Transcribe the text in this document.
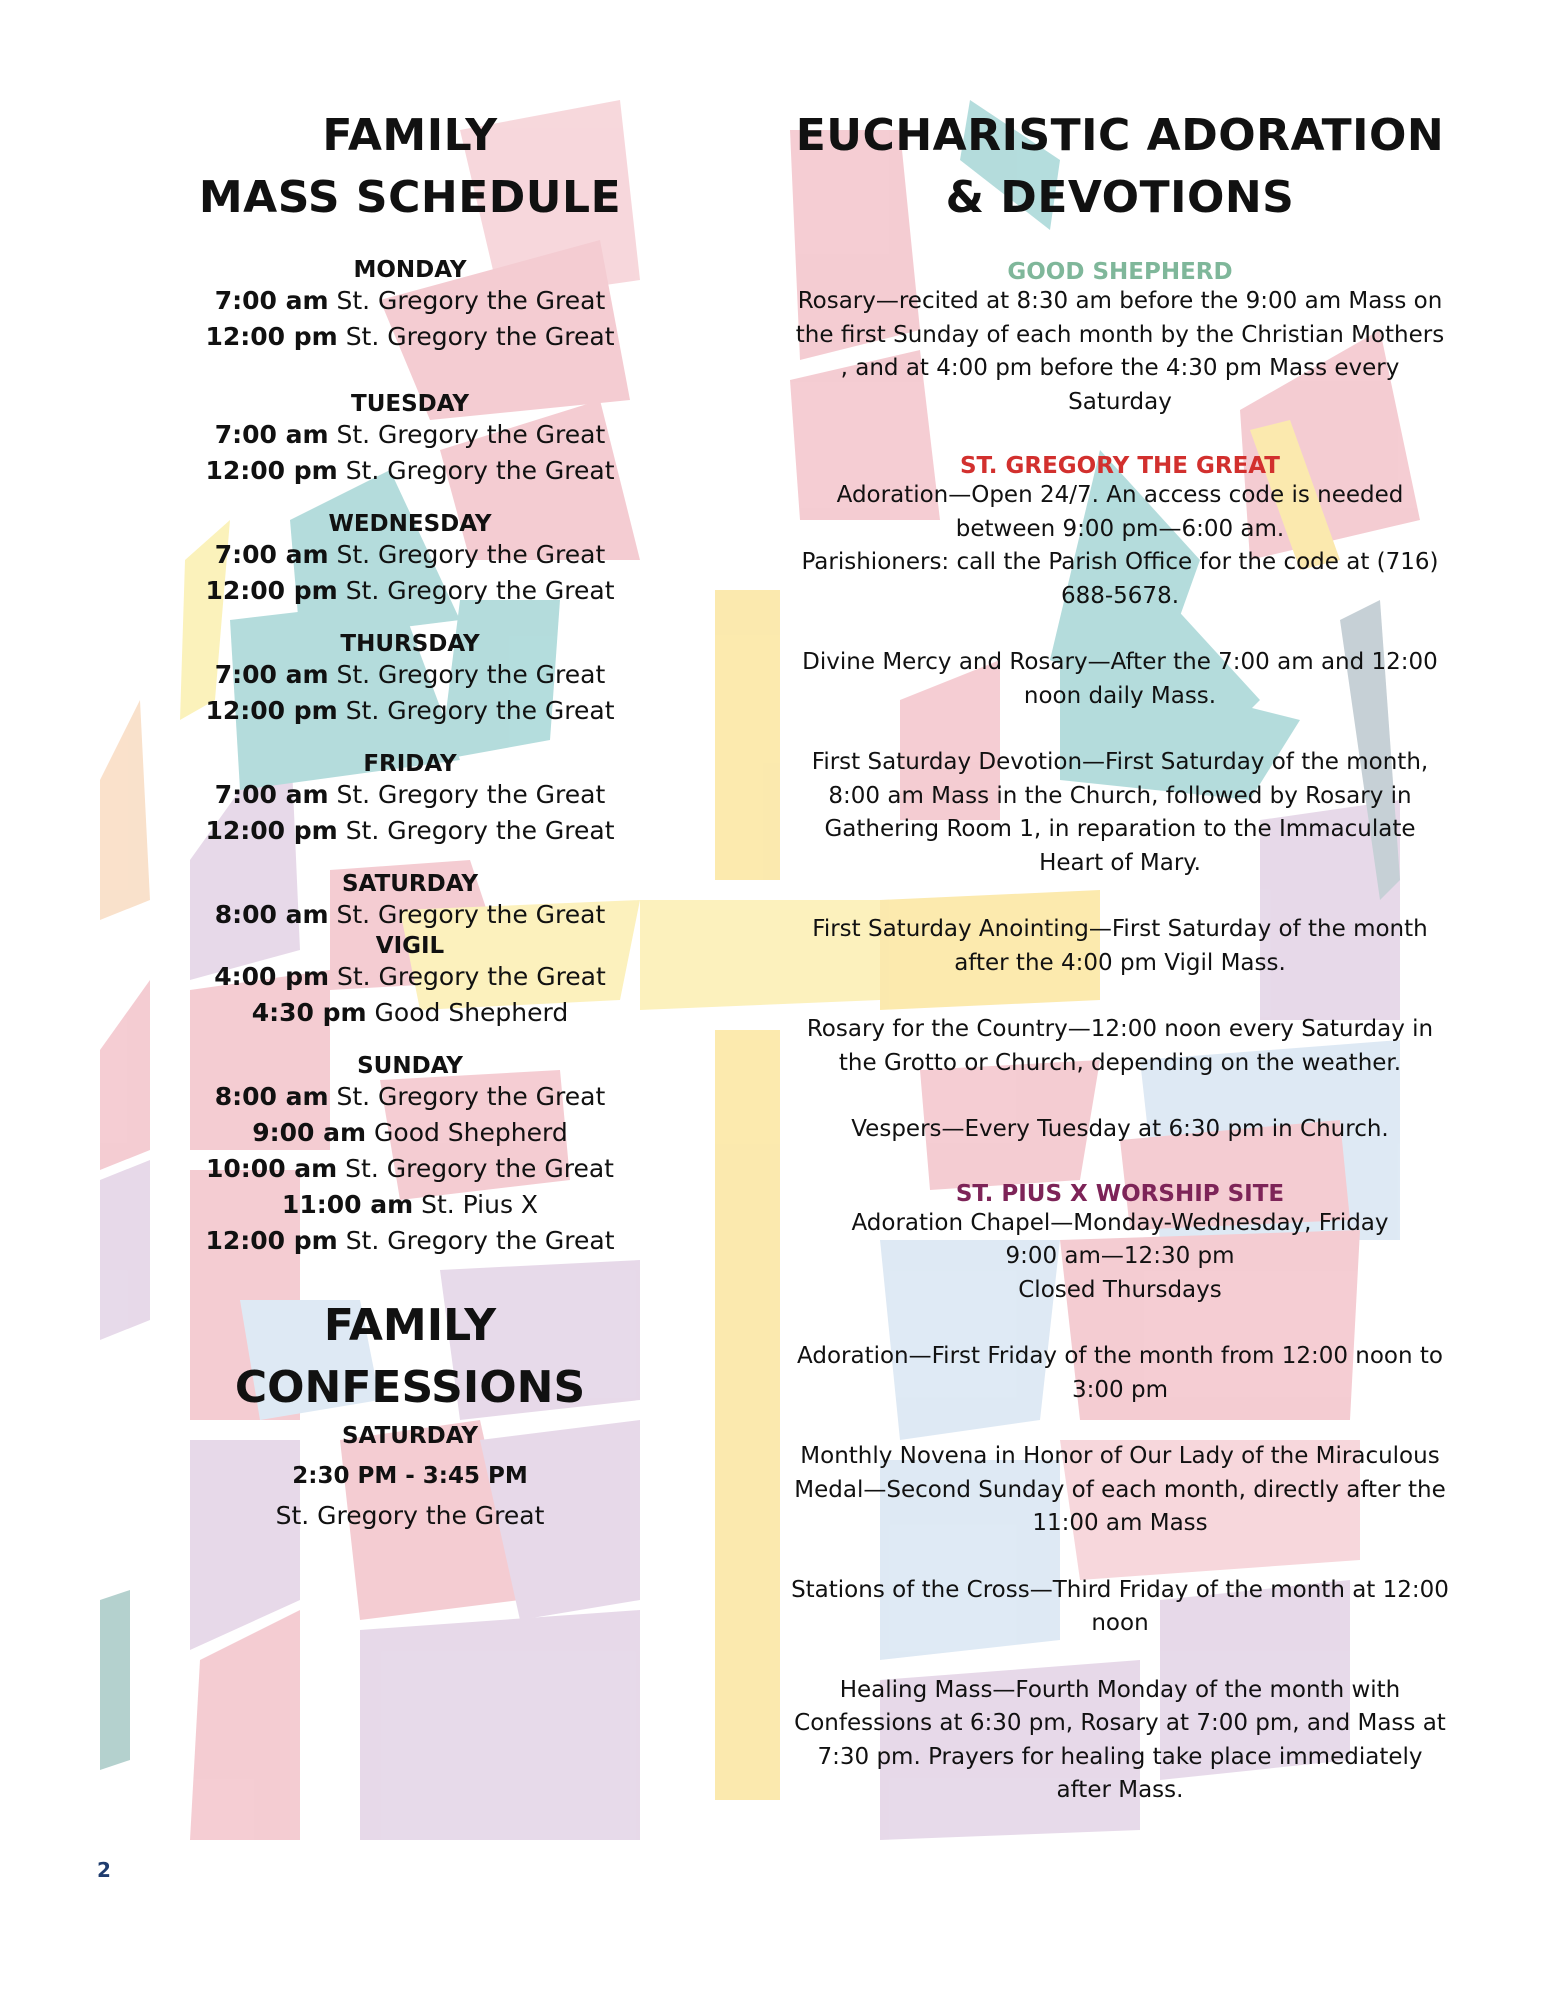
FAMILY
MASS SCHEDULE
MONDAY
7:00 am St. Gregory the Great
12:00 pm St. Gregory the Great
TUESDAY
7:00 am St. Gregory the Great
12:00 pm St. Gregory the Great
WEDNESDAY
7:00 am St. Gregory the Great
12:00 pm St. Gregory the Great
THURSDAY
7:00 am St. Gregory the Great
12:00 pm St. Gregory the Great
FRIDAY
7:00 am St. Gregory the Great
12:00 pm St. Gregory the Great
SATURDAY
8:00 am St. Gregory the Great
VIGIL
4:00 pm St. Gregory the Great
4:30 pm Good Shepherd
SUNDAY
8:00 am St. Gregory the Great
9:00 am Good Shepherd
10:00 am St. Gregory the Great
11:00 am St. Pius X
12:00 pm St. Gregory the Great
FAMILY
CONFESSIONS
SATURDAY
2:30 PM - 3:45 PM
St. Gregory the Great
EUCHARISTIC ADORATION
& DEVOTIONS
GOOD SHEPHERD
Rosary—recited at 8:30 am before the 9:00 am Mass on the first Sunday of each month by the Christian Mothers , and at 4:00 pm before the 4:30 pm Mass every Saturday
ST. GREGORY THE GREAT
Adoration—Open 24/7. An access code is needed between 9:00 pm—6:00 am.
Parishioners: call the Parish Office for the code at (716) 688-5678.
Divine Mercy and Rosary—After the 7:00 am and 12:00 noon daily Mass.
First Saturday Devotion—First Saturday of the month, 8:00 am Mass in the Church, followed by Rosary in Gathering Room 1, in reparation to the Immaculate Heart of Mary.
First Saturday Anointing—First Saturday of the month after the 4:00 pm Vigil Mass.
Rosary for the Country—12:00 noon every Saturday in the Grotto or Church, depending on the weather.
Vespers—Every Tuesday at 6:30 pm in Church.
ST. PIUS X WORSHIP SITE
Adoration Chapel—Monday-Wednesday, Friday
9:00 am—12:30 pm
Closed Thursdays
Adoration—First Friday of the month from 12:00 noon to 3:00 pm
Monthly Novena in Honor of Our Lady of the Miraculous Medal—Second Sunday of each month, directly after the 11:00 am Mass
Stations of the Cross—Third Friday of the month at 12:00 noon
Healing Mass—Fourth Monday of the month with Confessions at 6:30 pm, Rosary at 7:00 pm, and Mass at 7:30 pm. Prayers for healing take place immediately after Mass.
2
